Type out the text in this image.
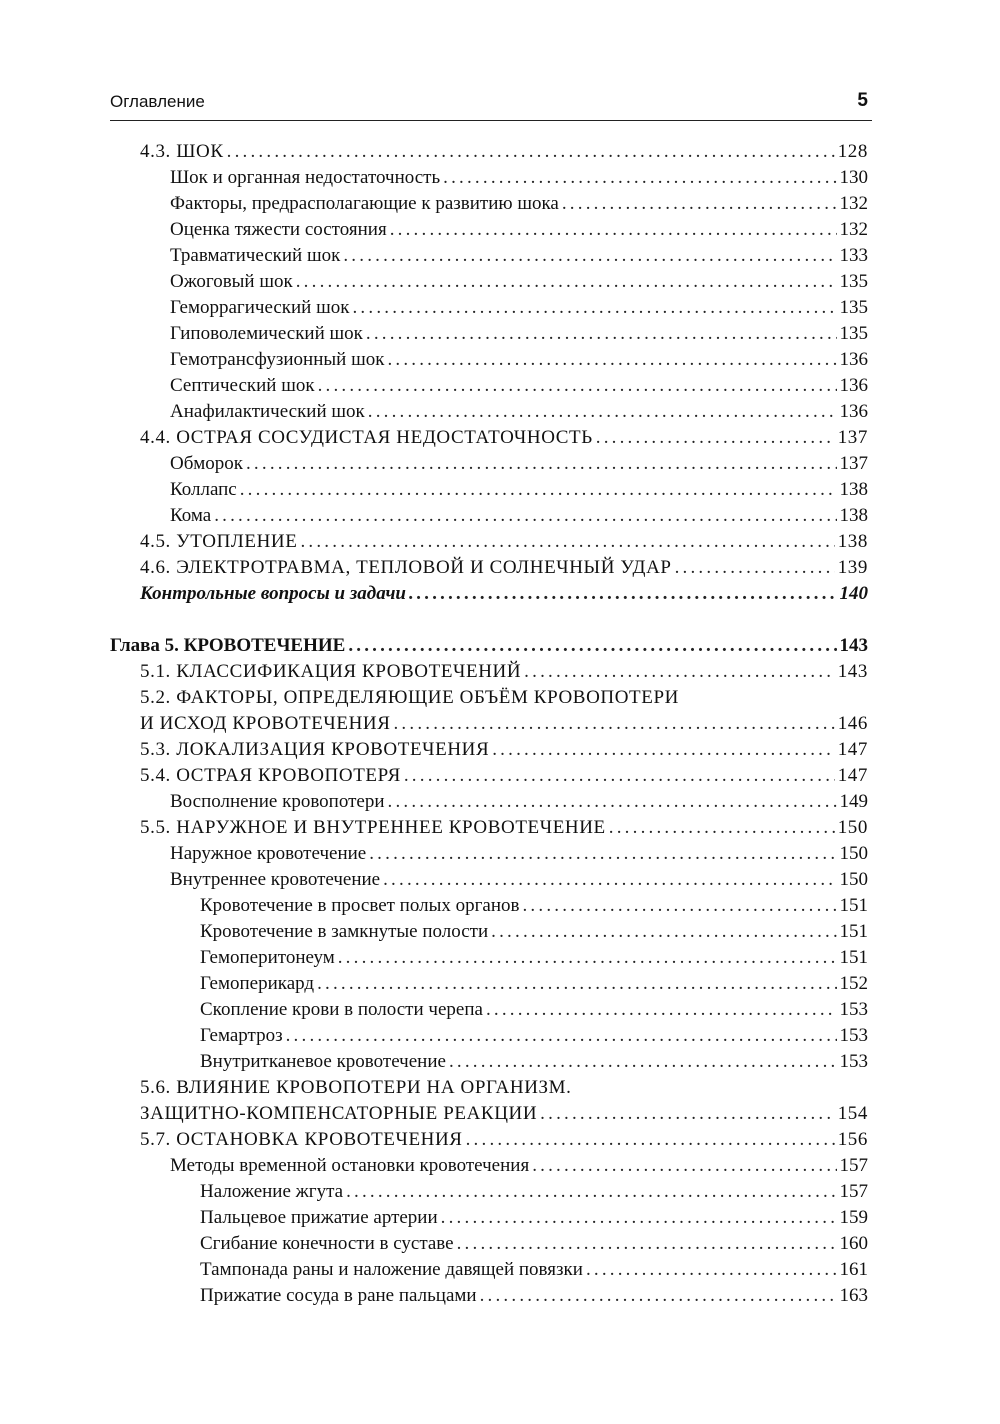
Оглавление	5
4.3. ШОК .....	128
Шок и органная недостаточность .....	130
Факторы, предрасполагающие к развитию шока .....	132
Оценка тяжести состояния .....	132
Травматический шок .....	133
Ожоговый шок .....	135
Геморрагический шок .....	135
Гиповолемический шок .....	135
Гемотрансфузионный шок .....	136
Септический шок .....	136
Анафилактический шок .....	136
4.4. ОСТРАЯ СОСУДИСТАЯ НЕДОСТАТОЧНОСТЬ .....	137
Обморок .....	137
Коллапс .....	138
Кома .....	138
4.5. УТОПЛЕНИЕ .....	138
4.6. ЭЛЕКТРОТРАВМА, ТЕПЛОВОЙ И СОЛНЕЧНЫЙ УДАР .....	139
Контрольные вопросы и задачи .....	140
Глава 5. КРОВОТЕЧЕНИЕ .....	143
5.1. КЛАССИФИКАЦИЯ КРОВОТЕЧЕНИЙ .....	143
5.2. ФАКТОРЫ, ОПРЕДЕЛЯЮЩИЕ ОБЪЁМ КРОВОПОТЕРИ
И ИСХОД КРОВОТЕЧЕНИЯ .....	146
5.3. ЛОКАЛИЗАЦИЯ КРОВОТЕЧЕНИЯ .....	147
5.4. ОСТРАЯ КРОВОПОТЕРЯ .....	147
Восполнение кровопотери .....	149
5.5. НАРУЖНОЕ И ВНУТРЕННЕЕ КРОВОТЕЧЕНИЕ .....	150
Наружное кровотечение .....	150
Внутреннее кровотечение .....	150
Кровотечение в просвет полых органов .....	151
Кровотечение в замкнутые полости .....	151
Гемоперитонеум .....	151
Гемоперикард .....	152
Скопление крови в полости черепа .....	153
Гемартроз .....	153
Внутритканевое кровотечение .....	153
5.6. ВЛИЯНИЕ КРОВОПОТЕРИ НА ОРГАНИЗМ.
ЗАЩИТНО-КОМПЕНСАТОРНЫЕ РЕАКЦИИ .....	154
5.7. ОСТАНОВКА КРОВОТЕЧЕНИЯ .....	156
Методы временной остановки кровотечения .....	157
Наложение жгута .....	157
Пальцевое прижатие артерии .....	159
Сгибание конечности в суставе .....	160
Тампонада раны и наложение давящей повязки .....	161
Прижатие сосуда в ране пальцами .....	163
